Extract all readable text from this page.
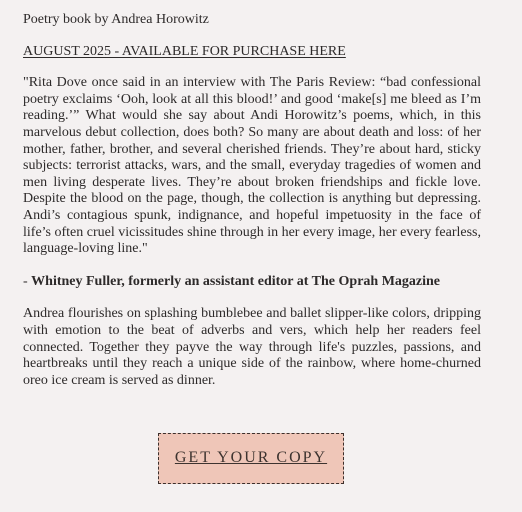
Poetry book by Andrea Horowitz
AUGUST 2025 - AVAILABLE FOR PURCHASE HERE

"Rita Dove once said in an interview with The Paris Review: “bad confessional poetry exclaims ‘Ooh, look at all this blood!’ and good ‘make[s] me bleed as I’m reading.’” What would she say about Andi Horowitz’s poems, which, in this marvelous debut collection, does both? So many are about death and loss: of her mother, father, brother, and several cherished friends. They’re about hard, sticky subjects: terrorist attacks, wars, and the small, everyday tragedies of women and men living desperate lives. They’re about broken friendships and fickle love. Despite the blood on the page, though, the collection is anything but depressing. Andi’s contagious spunk, indignance, and hopeful impetuosity in the face of life’s often cruel vicissitudes shine through in her every image, her every fearless, language-loving line."

- Whitney Fuller, formerly an assistant editor at The Oprah Magazine

Andrea flourishes on splashing bumblebee and ballet slipper-like colors, dripping with emotion to the beat of adverbs and vers, which help her readers feel connected. Together they payve the way through life's puzzles, passions, and heartbreaks until they reach a unique side of the rainbow, where home-churned oreo ice cream is served as dinner.

GET YOUR COPY
